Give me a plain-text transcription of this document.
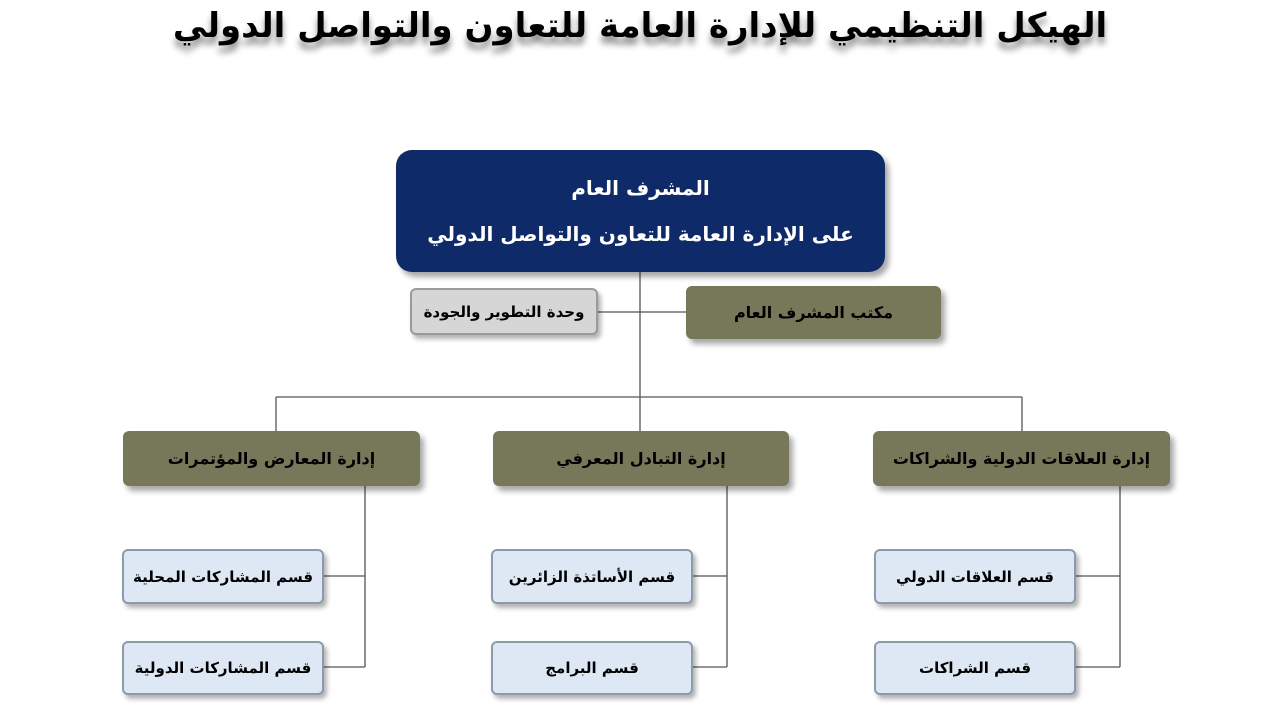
الهيكل التنظيمي للإدارة العامة للتعاون والتواصل الدولي
المشرف العام
على الإدارة العامة للتعاون والتواصل الدولي
مكتب المشرف العام
وحدة التطوير والجودة
إدارة العلاقات الدولية والشراكات
إدارة التبادل المعرفي
إدارة المعارض والمؤتمرات
قسم العلاقات الدولي
قسم الشراكات
قسم الأساتذة الزائرين
قسم البرامج
قسم المشاركات المحلية
قسم المشاركات الدولية
